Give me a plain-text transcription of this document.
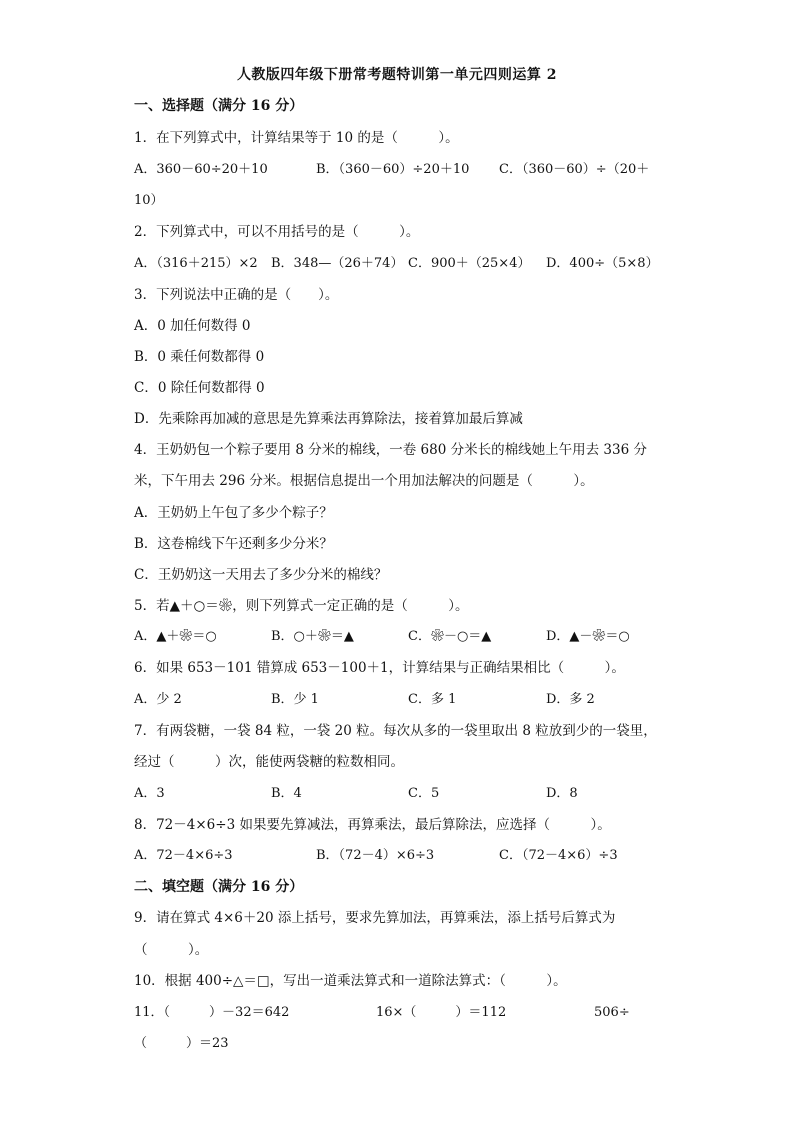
人教版四年级下册常考题特训第一单元四则运算 2
一、选择题（满分 16 分）
1．在下列算式中，计算结果等于 10 的是（　　　）。
A．360－60÷20＋10	B．（360－60）÷20＋10 C．（360－60）÷（20＋
10）
2．下列算式中，可以不用括号的是（　　　）。
A．（316＋215）×2 B．348—（26＋74） C．900＋（25×4） D．400÷（5×8）
3．下列说法中正确的是（　　）。
A．0 加任何数得 0
B．0 乘任何数都得 0
C．0 除任何数都得 0
D．先乘除再加减的意思是先算乘法再算除法，接着算加最后算减
4．王奶奶包一个粽子要用 8 分米的棉线，一卷 680 分米长的棉线她上午用去 336 分
米，下午用去 296 分米。根据信息提出一个用加法解决的问题是（　　　）。
A．王奶奶上午包了多少个粽子？
B．这卷棉线下午还剩多少分米？
C．王奶奶这一天用去了多少分米的棉线？
5．若▲＋○＝❀，则下列算式一定正确的是（　　　）。
A．▲＋❀＝○	B．○＋❀＝▲	C．❀－○＝▲	D．▲－❀＝○
6．如果 653－101 错算成 653－100＋1，计算结果与正确结果相比（　　　）。
A．少 2	B．少 1	C．多 1	D．多 2
7．有两袋糖，一袋 84 粒，一袋 20 粒。每次从多的一袋里取出 8 粒放到少的一袋里，
经过（　　　）次，能使两袋糖的粒数相同。
A．3	B．4	C．5	D．8
8．72－4×6÷3 如果要先算减法，再算乘法，最后算除法，应选择（　　　）。
A．72－4×6÷3	B．（72－4）×6÷3	C．（72－4×6）÷3
二、填空题（满分 16 分）
9．请在算式 4×6＋20 添上括号，要求先算加法，再算乘法，添上括号后算式为
（　　　）。
10．根据 400÷△＝□，写出一道乘法算式和一道除法算式：（　　　）。
11．（　　　）－32＝642	16×（　　　）＝112	506÷
（　　　）＝23
